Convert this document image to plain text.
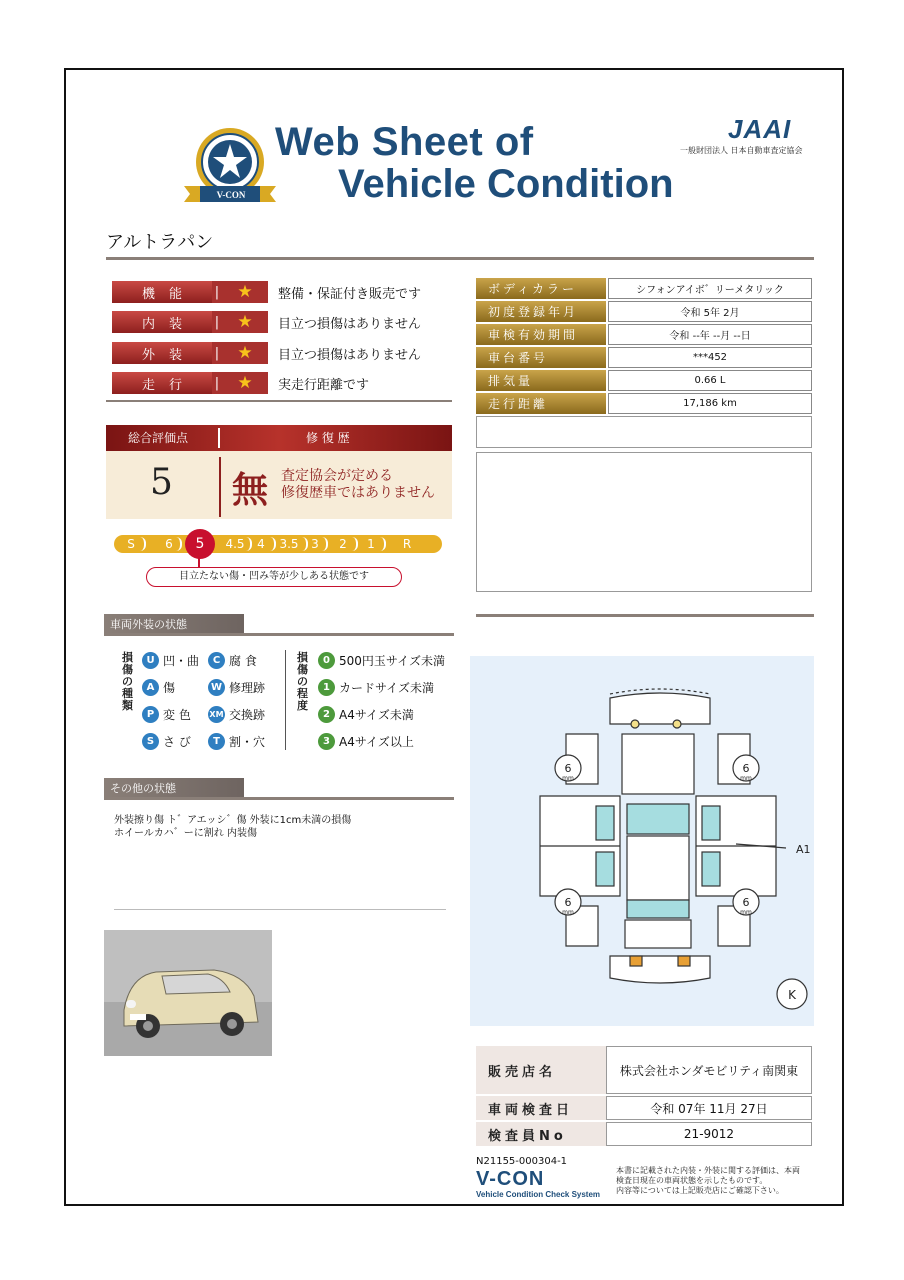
V-CON
Web Sheet of
Vehicle Condition
JAAI
一般財団法人 日本自動車査定協会
アルトラパン
機能	|	★	整備・保証付き販売です
内装	|	★	目立つ損傷はありません
外装	|	★	目立つ損傷はありません
走行	|	★	実走行距離です
ボディカラー	シフォンアイボ゛リーメタリック
初度登録年月	令和 5年 2月
車検有効期間	令和 --年 --月 --日
車台番号	***452
排気量	0.66 L
走行距離	17,186 km
総合評価点	修 復 歴
5 無 査定協会が定める
修復歴車ではありません
S	6	4.5	4	3.5	3	2	1	R
5
目立たない傷・凹み等が少しある状態です
車両外装の状態
損傷の種類
U 凹・曲	C 腐 食
A 傷	W 修理跡
P 変 色 XM 交換跡
S さ び	T 割・穴
損傷の程度
0 500円玉サイズ未満
1 カードサイズ未満
2 A4サイズ未満
3 A4サイズ以上
その他の状態
外装擦り傷 ト゛アエッシ゛傷 外装に1cm未満の損傷
ホイールカハ゛ーに割れ 内装傷
6
mm
6
mm
6
mm
6
mm
A1
K
販売店名	株式会社ホンダモビリティ南関東
車両検査日	令和 07年 11月 27日
検査員No	21-9012
N21155-000304-1
V-CON
Vehicle Condition Check System
本書に記載された内装・外装に関する評価は、本両
検査日現在の車両状態を示したものです。
内容等については上記販売店にご確認下さい。
